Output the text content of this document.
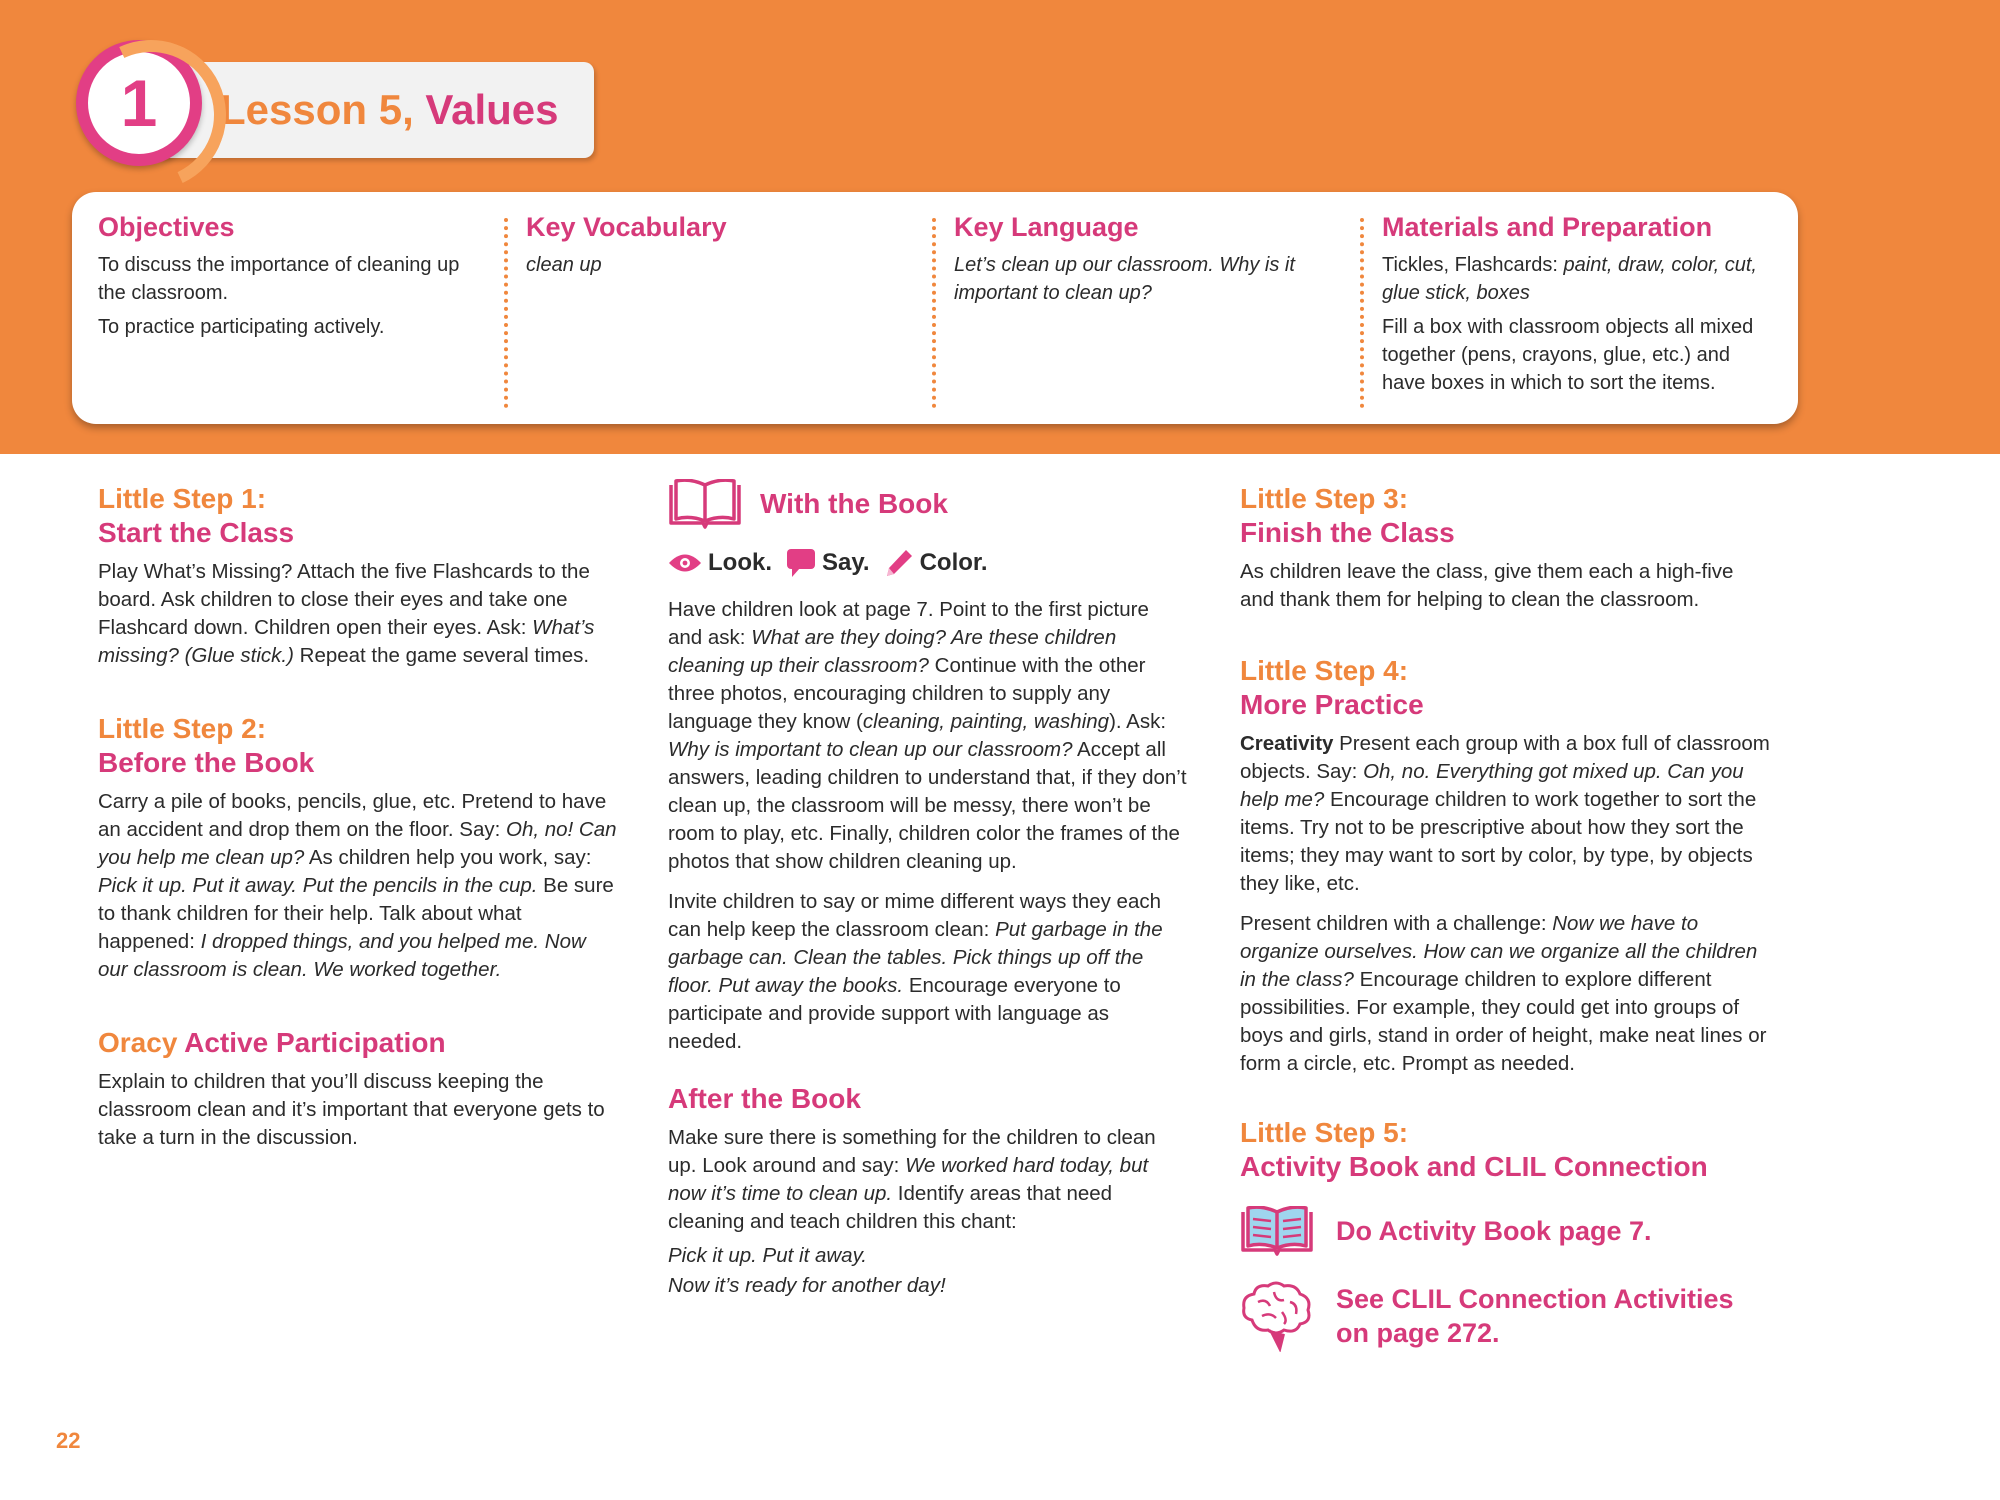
1	Lesson 5,
Values
Objectives
To discuss the importance of cleaning up the classroom.
To practice participating actively.
Key Vocabulary
clean up
Key Language
Let’s clean up our classroom. Why is it important to clean up?
Materials and Preparation
Tickles, Flashcards: paint, draw, color, cut, glue stick, boxes
Fill a box with classroom objects all mixed together (pens, crayons, glue, etc.) and have boxes in which to sort the items.
Little Step 1:
Start the Class

Play What’s Missing? Attach the five Flashcards to the board. Ask children to close their eyes and take one Flashcard down. Children open their eyes. Ask: What’s missing? (Glue stick.) Repeat the game several times.

Little Step 2:
Before the Book

Carry a pile of books, pencils, glue, etc. Pretend to have an accident and drop them on the floor. Say: Oh, no! Can you help me clean up? As children help you work, say: Pick it up. Put it away. Put the pencils in the cup. Be sure to thank children for their help. Talk about what happened: I dropped things, and you helped me. Now our classroom is clean. We worked together.

Oracy Active Participation

Explain to children that you’ll discuss keeping the classroom clean and it’s important that everyone gets to take a turn in the discussion.

With the Book
Look. Say. Color.

Have children look at page 7. Point to the first picture and ask: What are they doing? Are these children cleaning up their classroom? Continue with the other three photos, encouraging children to supply any language they know (cleaning, painting, washing). Ask: Why is important to clean up our classroom? Accept all answers, leading children to understand that, if they don’t clean up, the classroom will be messy, there won’t be room to play, etc. Finally, children color the frames of the photos that show children cleaning up.

Invite children to say or mime different ways they each can help keep the classroom clean: Put garbage in the garbage can. Clean the tables. Pick things up off the floor. Put away the books. Encourage everyone to participate and provide support with language as needed.

After the Book

Make sure there is something for the children to clean up. Look around and say: We worked hard today, but now it’s time to clean up. Identify areas that need cleaning and teach children this chant:

Pick it up. Put it away.

Now it’s ready for another day!

Little Step 3:
Finish the Class

As children leave the class, give them each a high-five and thank them for helping to clean the classroom.

Little Step 4:
More Practice

Creativity Present each group with a box full of classroom objects. Say: Oh, no. Everything got mixed up. Can you help me? Encourage children to work together to sort the items. Try not to be prescriptive about how they sort the items; they may want to sort by color, by type, by objects they like, etc.

Present children with a challenge: Now we have to organize ourselves. How can we organize all the children in the class? Encourage children to explore different possibilities. For example, they could get into groups of boys and girls, stand in order of height, make neat lines or form a circle, etc. Prompt as needed.

Little Step 5:
Activity Book and CLIL Connection
Do Activity Book page 7.
See CLIL Connection Activities
on page 272.
22
